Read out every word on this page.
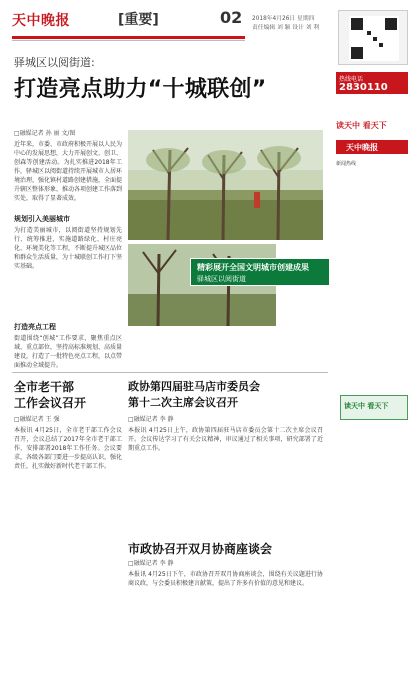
天中晚报	[重要]	02 2018年4月26日 星期四
责任编辑 刘 颖 设计 刘 利
驿城区以阅街道:
打造亮点助力“十城联创”
□融媒记者 孙 丽 文/图
近年来，市委、市政府积极开展以人民为中心的发展思想，大力开展创文、创卫、创森等创建活动。为扎实推进2018年工作，驿城区以阅街道持续开展城市人居环境治理，强化镇村道路创建措施，全面提升辖区整体形象，推动各项创建工作落到实处，取得了显著成效。
规划引入美丽城市
为打造美丽城市，以阅街道坚持规划先行、统筹推进，实施道路绿化、村庄亮化、环境美化等工程，不断提升城区品位和群众生活质量，为十城联创工作打下坚实基础。
打造亮点工程
街道围绕“创城”工作要求，聚焦重点区域、重点部位，坚持高标准规划、高质量建设，打造了一批特色亮点工程，以点带面推动全域提升。
精彩展开全国文明城市创建成果
驿城区以阅街道
全市老干部
工作会议召开
□融媒记者 王 强
本报讯 4月25日，全市老干部工作会议召开，会议总结了2017年全市老干部工作，安排部署2018年工作任务。会议要求，各级各部门要进一步提高认识，强化责任，扎实做好新时代老干部工作。
政协第四届驻马店市委员会
第十二次主席会议召开
□融媒记者 李 静
本报讯 4月25日上午，政协第四届驻马店市委员会第十二次主席会议召开。会议传达学习了有关会议精神，审议通过了相关事项，研究部署了近期重点工作。
市政协召开双月协商座谈会
□融媒记者 李 静
本报讯 4月25日下午，市政协召开双月协商座谈会，围绕有关议题进行协商议政，与会委员积极建言献策，提出了许多有价值的意见和建议。
热线电话
2830110
读天中 看天下
天中晚报
新闻热线
读天中 看天下
